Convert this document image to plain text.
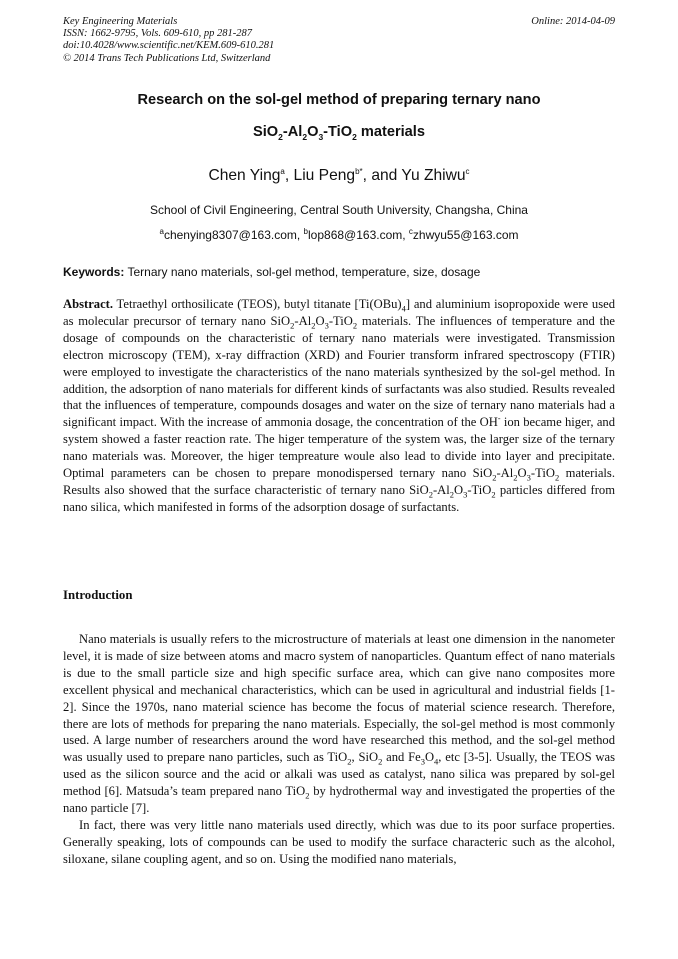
Key Engineering Materials
ISSN: 1662-9795, Vols. 609-610, pp 281-287
doi:10.4028/www.scientific.net/KEM.609-610.281
© 2014 Trans Tech Publications Ltd, Switzerland
Online: 2014-04-09
Research on the sol-gel method of preparing ternary nano
$SiO_2-Al_2O_3-TiO_2$ materials
Chen Ying$^a$, Liu Peng$^{b*}$, and Yu Zhiwu$^c$
School of Civil Engineering, Central South University, Changsha, China
$^a$chenying8307@163.com, $^b$lop868@163.com, $^c$zhwyu55@163.com
Keywords: Ternary nano materials, sol-gel method, temperature, size, dosage
Abstract. Tetraethyl orthosilicate (TEOS), butyl titanate $[Ti(OBu)_4]$ and aluminium isopropoxide were used as molecular precursor of ternary nano $SiO_2-Al_2O_3-TiO_2$ materials. The influences of temperature and the dosage of compounds on the characteristic of ternary nano materials were investigated. Transmission electron microscopy (TEM), x-ray diffraction (XRD) and Fourier transform infrared spectroscopy (FTIR) were employed to investigate the characteristics of the nano materials synthesized by the sol-gel method. In addition, the adsorption of nano materials for different kinds of surfactants was also studied. Results revealed that the influences of temperature, compounds dosages and water on the size of ternary nano materials had a significant impact. With the increase of ammonia dosage, the concentration of the OH- ion became higer, and system showed a faster reaction rate. The higer temperature of the system was, the larger size of the ternary nano materials was. Moreover, the higer tempreature woule also lead to divide into layer and precipitate. Optimal parameters can be chosen to prepare monodispersed ternary nano $SiO_2-Al_2O_3-TiO_2$ materials. Results also showed that the surface characteristic of ternary nano $SiO_2-Al_2O_3-TiO_2$ particles differed from nano silica, which manifested in forms of the adsorption dosage of surfactants.
Introduction

Nano materials is usually refers to the microstructure of materials at least one dimension in the nanometer level, it is made of size between atoms and macro system of nanoparticles. Quantum effect of nano materials is due to the small particle size and high specific surface area, which can give nano composites more excellent physical and mechanical characteristics, which can be used in agricultural and industrial fields [1-2]. Since the 1970s, nano material science has become the focus of material science research. Therefore, there are lots of methods for preparing the nano materials. Especially, the sol-gel method is most commonly used. A large number of researchers around the word have researched this method, and the sol-gel method was usually used to prepare nano particles, such as TiO$_2$, SiO$_2$ and $Fe_3O_4$, etc [3-5]. Usually, the TEOS was used as the silicon source and the acid or alkali was used as catalyst, nano silica was prepared by sol-gel method [6]. Matsuda’s team prepared nano TiO$_2$ by hydrothermal way and investigated the properties of the nano particle [7].

In fact, there was very little nano materials used directly, which was due to its poor surface properties. Generally speaking, lots of compounds can be used to modify the surface characteric such as the alcohol, siloxane, silane coupling agent, and so on. Using the modified nano materials,
